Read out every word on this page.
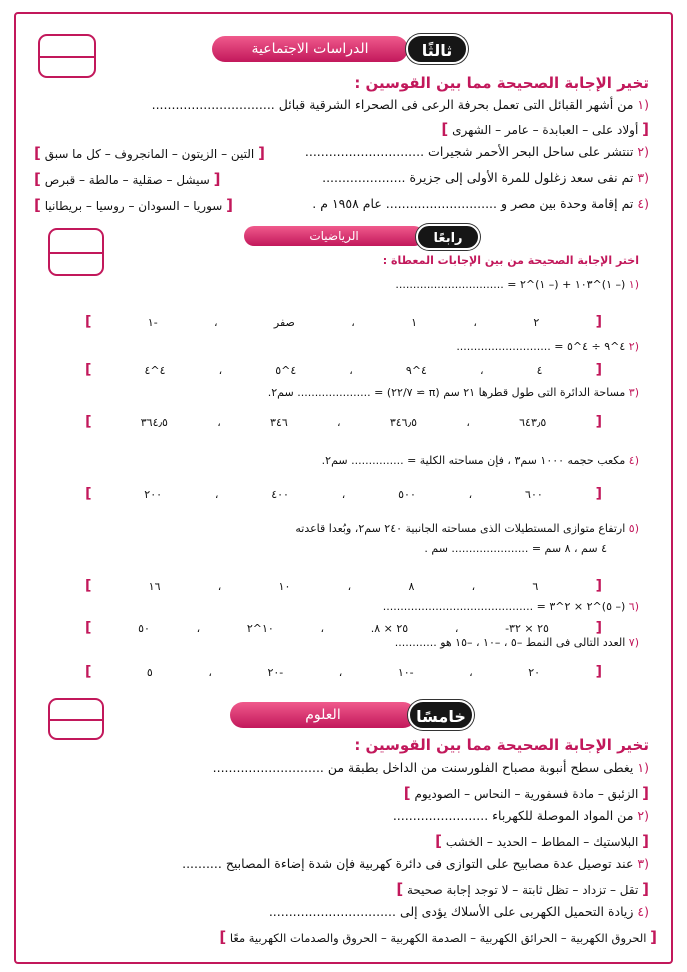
الدراسات الاجتماعية	ثالثًا
تخير الإجابة الصحيحة مما بين القوسين :
(١ من أشهر القبائل التى تعمل بحرفة الرعى فى الصحراء الشرقية قبائل ...............................
[ أولاد على – العبابدة – عامر – الشهرى ]
(٢ تنتشر على ساحل البحر الأحمر شجيرات ..............................
[ التين – الزيتون – المانجروف – كل ما سبق ]
(٣ تم نفى سعد زغلول للمرة الأولى إلى جزيرة .....................
[ سيشل – صقلية – مالطة – قبرص ]
(٤ تم إقامة وحدة بين مصر و ............................ عام ١٩٥٨ م .
[ سوريا – السودان – روسيا – بريطانيا ]
الرياضيات	رابعًا
اختر الإجابة الصحيحة من بين الإجابات المعطاة :
(١ (– ١)^١٠٣ + (– ١)^٢ = ...............................
[
٢
،
١
،
صفر
،
-١
]
(٢ ٤^٩ ÷ ٤^٥ = ...........................
[
٤
،
٤^٩
،
٤^٥
،
٤^٤
]
(٣ مساحة الدائرة التى طول قطرها ٢١ سم (π ≃ ٢٢/٧) = ..................... سم٢.
[
٦٤٣٫٥
،
٣٤٦٫٥
،
٣٤٦
،
٣٦٤٫٥
]
(٤ مكعب حجمه ١٠٠٠ سم٣ ، فإن مساحته الكلية = ............... سم٢.
[
٦٠٠
،
٥٠٠
،
٤٠٠
،
٢٠٠
]
(٥ ارتفاع متوازى المستطيلات الذى مساحته الجانبية ٢٤٠ سم٢، وبُعدا قاعدته
٤ سم ، ٨ سم = ...................... سم .
[
٦
،
٨
،
١٠
،
١٦
]
(٦ (– ٥)^٢ × ٢^٣ = ...........................................
[
٢٥ × ٣٢-
،
٢٥ × ٨.
،
١٠^٢
،
٥٠
]
(٧ العدد التالى فى النمط –٥ ، –١٠ ، –١٥ هو ............
[
٢٠
،
-١٠
،
-٢٠
،
٥
]
العلوم	خامسًا
تخير الإجابة الصحيحة مما بين القوسين :
(١ يغطى سطح أنبوبة مصباح الفلورسنت من الداخل بطبقة من ............................
[ الزئبق – مادة فسفورية – النحاس – الصوديوم ]
(٢ من المواد الموصلة للكهرباء ........................
[ البلاستيك – المطاط – الحديد – الخشب ]
(٣ عند توصيل عدة مصابيح على التوازى فى دائرة كهربية فإن شدة إضاءة المصابيح ..........
[ تقل – تزداد – تظل ثابتة – لا توجد إجابة صحيحة ]
(٤ زيادة التحميل الكهربى على الأسلاك يؤدى إلى ................................
[ الحروق الكهربية – الحرائق الكهربية – الصدمة الكهربية – الحروق والصدمات الكهربية معًا ]
